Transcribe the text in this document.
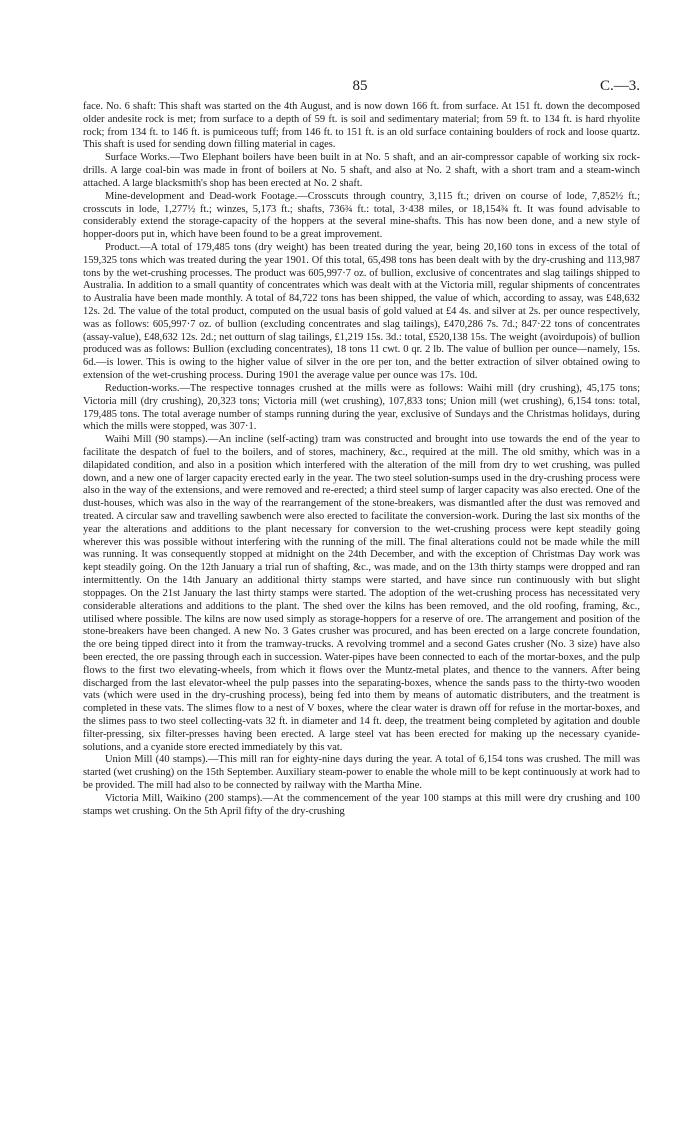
85	C.—3.

face. No. 6 shaft: This shaft was started on the 4th August, and is now down 166 ft. from surface. At 151 ft. down the decomposed older andesite rock is met; from surface to a depth of 59 ft. is soil and sedimentary material; from 59 ft. to 134 ft. is hard rhyolite rock; from 134 ft. to 146 ft. is pumiceous tuff; from 146 ft. to 151 ft. is an old surface containing boulders of rock and loose quartz. This shaft is used for sending down filling material in cages.

Surface Works.—Two Elephant boilers have been built in at No. 5 shaft, and an air-compressor capable of working six rock-drills. A large coal-bin was made in front of boilers at No. 5 shaft, and also at No. 2 shaft, with a short tram and a steam-winch attached. A large blacksmith's shop has been erected at No. 2 shaft.

Mine-development and Dead-work Footage.—Crosscuts through country, 3,115 ft.; driven on course of lode, 7,852½ ft.; crosscuts in lode, 1,277½ ft.; winzes, 5,173 ft.; shafts, 736¾ ft.: total, 3·438 miles, or 18,154¾ ft. It was found advisable to considerably extend the storage-capacity of the hoppers at the several mine-shafts. This has now been done, and a new style of hopper-doors put in, which have been found to be a great improvement.

Product.—A total of 179,485 tons (dry weight) has been treated during the year, being 20,160 tons in excess of the total of 159,325 tons which was treated during the year 1901. Of this total, 65,498 tons has been dealt with by the dry-crushing and 113,987 tons by the wet-crushing processes. The product was 605,997·7 oz. of bullion, exclusive of concentrates and slag tailings shipped to Australia. In addition to a small quantity of concentrates which was dealt with at the Victoria mill, regular shipments of concentrates to Australia have been made monthly. A total of 84,722 tons has been shipped, the value of which, according to assay, was £48,632 12s. 2d. The value of the total product, computed on the usual basis of gold valued at £4 4s. and silver at 2s. per ounce respectively, was as follows: 605,997·7 oz. of bullion (excluding concentrates and slag tailings), £470,286 7s. 7d.; 847·22 tons of concentrates (assay-value), £48,632 12s. 2d.; net outturn of slag tailings, £1,219 15s. 3d.: total, £520,138 15s. The weight (avoirdupois) of bullion produced was as follows: Bullion (excluding concentrates), 18 tons 11 cwt. 0 qr. 2 lb. The value of bullion per ounce—namely, 15s. 6d.—is lower. This is owing to the higher value of silver in the ore per ton, and the better extraction of silver obtained owing to extension of the wet-crushing process. During 1901 the average value per ounce was 17s. 10d.

Reduction-works.—The respective tonnages crushed at the mills were as follows: Waihi mill (dry crushing), 45,175 tons; Victoria mill (dry crushing), 20,323 tons; Victoria mill (wet crushing), 107,833 tons; Union mill (wet crushing), 6,154 tons: total, 179,485 tons. The total average number of stamps running during the year, exclusive of Sundays and the Christmas holidays, during which the mills were stopped, was 307·1.

Waihi Mill (90 stamps).—An incline (self-acting) tram was constructed and brought into use towards the end of the year to facilitate the despatch of fuel to the boilers, and of stores, machinery, &c., required at the mill. The old smithy, which was in a dilapidated condition, and also in a position which interfered with the alteration of the mill from dry to wet crushing, was pulled down, and a new one of larger capacity erected early in the year. The two steel solution-sumps used in the dry-crushing process were also in the way of the extensions, and were removed and re-erected; a third steel sump of larger capacity was also erected. One of the dust-houses, which was also in the way of the rearrangement of the stone-breakers, was dismantled after the dust was removed and treated. A circular saw and travelling sawbench were also erected to facilitate the conversion-work. During the last six months of the year the alterations and additions to the plant necessary for conversion to the wet-crushing process were kept steadily going wherever this was possible without interfering with the running of the mill. The final alterations could not be made while the mill was running. It was consequently stopped at midnight on the 24th December, and with the exception of Christmas Day work was kept steadily going. On the 12th January a trial run of shafting, &c., was made, and on the 13th thirty stamps were dropped and ran intermittently. On the 14th January an additional thirty stamps were started, and have since run continuously with but slight stoppages. On the 21st January the last thirty stamps were started. The adoption of the wet-crushing process has necessitated very considerable alterations and additions to the plant. The shed over the kilns has been removed, and the old roofing, framing, &c., utilised where possible. The kilns are now used simply as storage-hoppers for a reserve of ore. The arrangement and position of the stone-breakers have been changed. A new No. 3 Gates crusher was procured, and has been erected on a large concrete foundation, the ore being tipped direct into it from the tramway-trucks. A revolving trommel and a second Gates crusher (No. 3 size) have also been erected, the ore passing through each in succession. Water-pipes have been connected to each of the mortar-boxes, and the pulp flows to the first two elevating-wheels, from which it flows over the Muntz-metal plates, and thence to the vanners. After being discharged from the last elevator-wheel the pulp passes into the separating-boxes, whence the sands pass to the thirty-two wooden vats (which were used in the dry-crushing process), being fed into them by means of automatic distributers, and the treatment is completed in these vats. The slimes flow to a nest of V boxes, where the clear water is drawn off for refuse in the mortar-boxes, and the slimes pass to two steel collecting-vats 32 ft. in diameter and 14 ft. deep, the treatment being completed by agitation and double filter-pressing, six filter-presses having been erected. A large steel vat has been erected for making up the necessary cyanide-solutions, and a cyanide store erected immediately by this vat.

Union Mill (40 stamps).—This mill ran for eighty-nine days during the year. A total of 6,154 tons was crushed. The mill was started (wet crushing) on the 15th September. Auxiliary steam-power to enable the whole mill to be kept continuously at work had to be provided. The mill had also to be connected by railway with the Martha Mine.

Victoria Mill, Waikino (200 stamps).—At the commencement of the year 100 stamps at this mill were dry crushing and 100 stamps wet crushing. On the 5th April fifty of the dry-crushing
